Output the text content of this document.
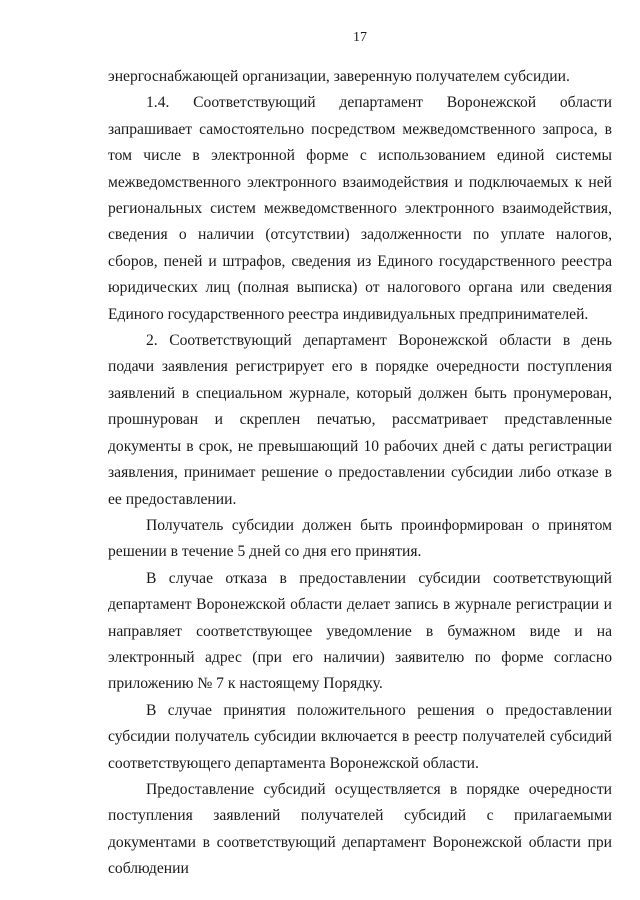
17

энергоснабжающей организации, заверенную получателем субсидии.

1.4. Соответствующий департамент Воронежской области запрашивает самостоятельно посредством межведомственного запроса, в том числе в электронной форме с использованием единой системы межведомственного электронного взаимодействия и подключаемых к ней региональных систем межведомственного электронного взаимодействия, сведения о наличии (отсутствии) задолженности по уплате налогов, сборов, пеней и штрафов, сведения из Единого государственного реестра юридических лиц (полная выписка) от налогового органа или сведения Единого государственного реестра индивидуальных предпринимателей.

2. Соответствующий департамент Воронежской области в день подачи заявления регистрирует его в порядке очередности поступления заявлений в специальном журнале, который должен быть пронумерован, прошнурован и скреплен печатью, рассматривает представленные документы в срок, не превышающий 10 рабочих дней с даты регистрации заявления, принимает решение о предоставлении субсидии либо отказе в ее предоставлении.

Получатель субсидии должен быть проинформирован о принятом решении в течение 5 дней со дня его принятия.

В случае отказа в предоставлении субсидии соответствующий департамент Воронежской области делает запись в журнале регистрации и направляет соответствующее уведомление в бумажном виде и на электронный адрес (при его наличии) заявителю по форме согласно приложению № 7 к настоящему Порядку.

В случае принятия положительного решения о предоставлении субсидии получатель субсидии включается в реестр получателей субсидий соответствующего департамента Воронежской области.

Предоставление субсидий осуществляется в порядке очередности поступления заявлений получателей субсидий с прилагаемыми документами в соответствующий департамент Воронежской области при соблюдении
